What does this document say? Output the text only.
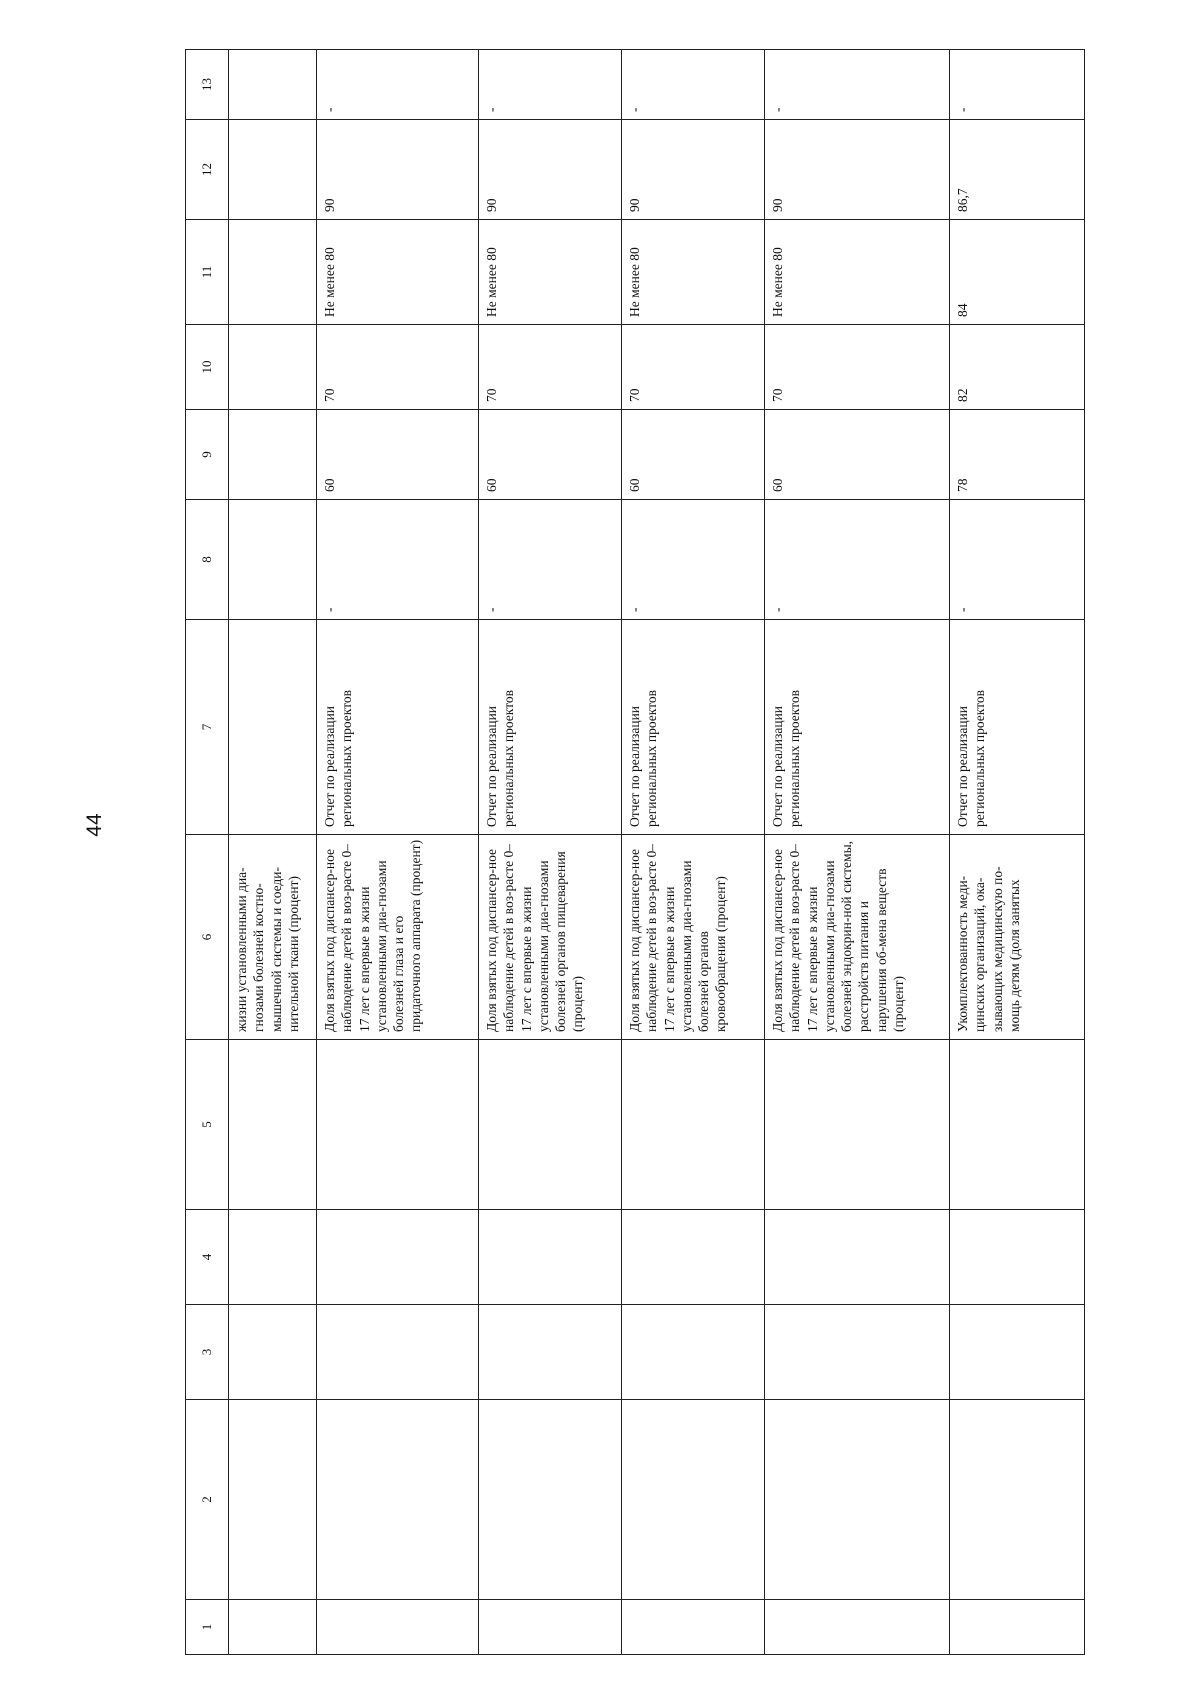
44
1	2	3	4	5	6	7	8	9	10	11	12	13
					жизни установленными диа-гнозами болезней костно-мышечной системы и соеди-нительной ткани (процент)							
					Доля взятых под диспансер-ное наблюдение детей в воз-расте 0–17 лет с впервые в жизни установленными диа-гнозами болезней глаза и его придаточного аппарата (процент)	Отчет по реализации региональных проектов	-	60	70	Не менее 80	90	-
					Доля взятых под диспансер-ное наблюдение детей в воз-расте 0–17 лет с впервые в жизни установленными диа-гнозами болезней органов пищеварения (процент)	Отчет по реализации региональных проектов	-	60	70	Не менее 80	90	-
					Доля взятых под диспансер-ное наблюдение детей в воз-расте 0–17 лет с впервые в жизни установленными диа-гнозами болезней органов кровообращения (процент)	Отчет по реализации региональных проектов	-	60	70	Не менее 80	90	-
					Доля взятых под диспансер-ное наблюдение детей в воз-расте 0–17 лет с впервые в жизни установленными диа-гнозами болезней эндокрин-ной системы, расстройств питания и нарушения об-мена веществ (процент)	Отчет по реализации региональных проектов	-	60	70	Не менее 80	90	-
					Укомплектованность меди-цинских организаций, ока-зывающих медицинскую по-мощь детям (доля занятых	Отчет по реализации региональных проектов	-	78	82	84	86,7	-
